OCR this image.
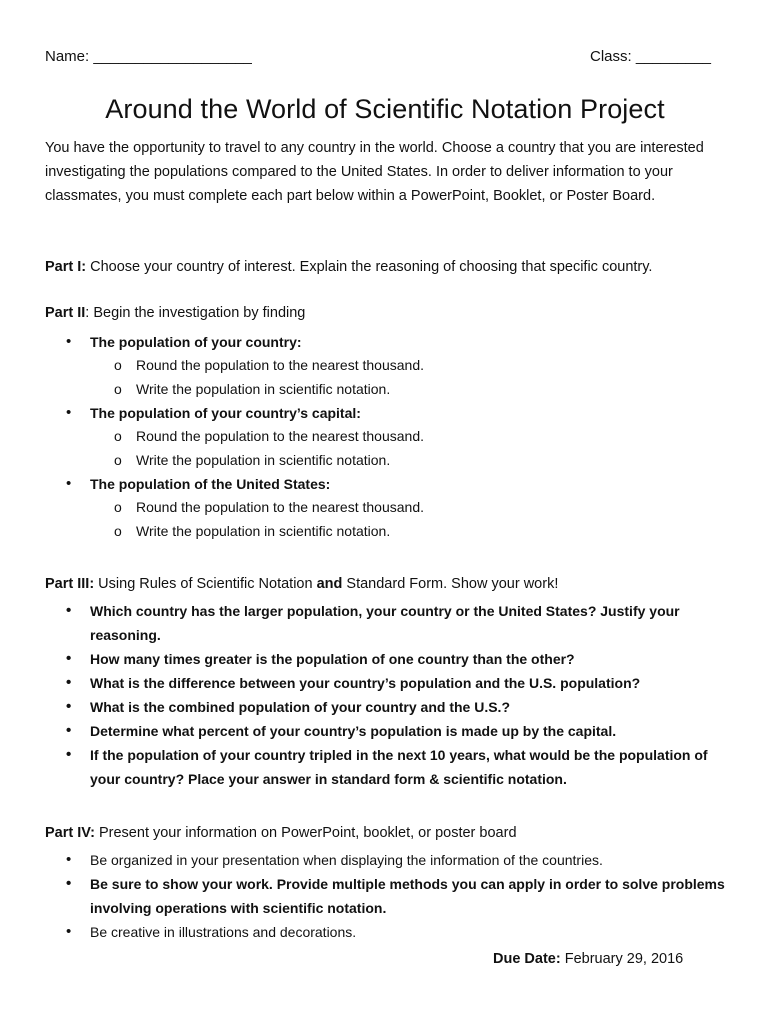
Name: ___________________	Class: _________
Around the World of Scientific Notation Project

You have the opportunity to travel to any country in the world. Choose a country that you are interested investigating the populations compared to the United States. In order to deliver information to your classmates, you must complete each part below within a PowerPoint, Booklet, or Poster Board.

Part I: Choose your country of interest. Explain the reasoning of choosing that specific country.

Part II: Begin the investigation by finding

• The population of your country:
o Round the population to the nearest thousand.
o Write the population in scientific notation.
• The population of your country’s capital:
o Round the population to the nearest thousand.
o Write the population in scientific notation.
• The population of the United States:
o Round the population to the nearest thousand.
o Write the population in scientific notation.

Part III: Using Rules of Scientific Notation and Standard Form. Show your work!

• Which country has the larger population, your country or the United States? Justify your reasoning.
• How many times greater is the population of one country than the other?
• What is the difference between your country’s population and the U.S. population?
• What is the combined population of your country and the U.S.?
• Determine what percent of your country’s population is made up by the capital.
• If the population of your country tripled in the next 10 years, what would be the population of your country? Place your answer in standard form & scientific notation.

Part IV: Present your information on PowerPoint, booklet, or poster board

• Be organized in your presentation when displaying the information of the countries.
• Be sure to show your work. Provide multiple methods you can apply in order to solve problems involving operations with scientific notation.
• Be creative in illustrations and decorations.
Due Date: February 29, 2016
